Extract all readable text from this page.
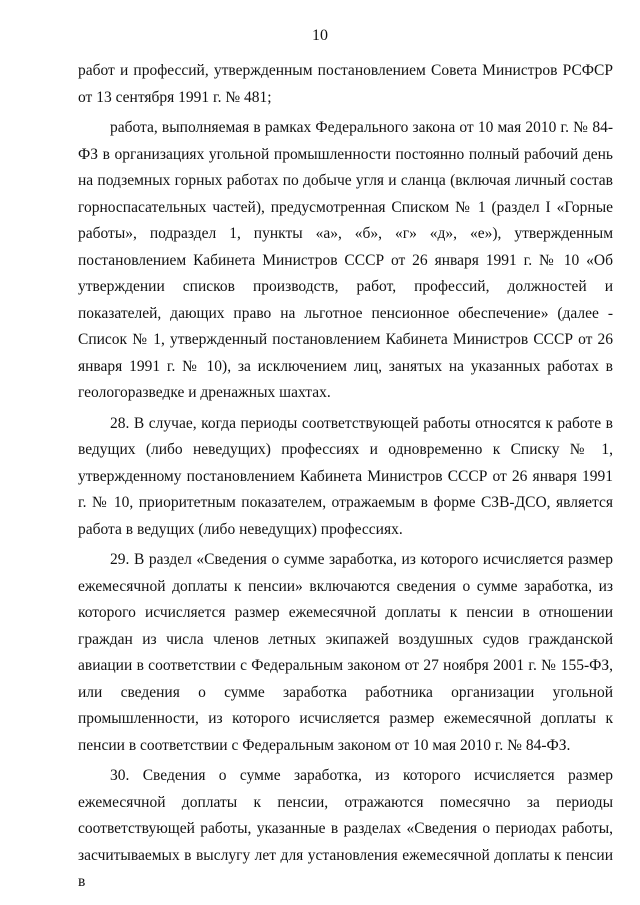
10

работ и профессий, утвержденным постановлением Совета Министров РСФСР от 13 сентября 1991 г. № 481;

работа, выполняемая в рамках Федерального закона от 10 мая 2010 г. № 84-ФЗ в организациях угольной промышленности постоянно полный рабочий день на подземных горных работах по добыче угля и сланца (включая личный состав горноспасательных частей), предусмотренная Списком № 1 (раздел I «Горные работы», подраздел 1, пункты «а», «б», «г» «д», «е»), утвержденным постановлением Кабинета Министров СССР от 26 января 1991 г. № 10 «Об утверждении списков производств, работ, профессий, должностей и показателей, дающих право на льготное пенсионное обеспечение» (далее - Список № 1, утвержденный постановлением Кабинета Министров СССР от 26 января 1991 г. № 10), за исключением лиц, занятых на указанных работах в геологоразведке и дренажных шахтах.

28. В случае, когда периоды соответствующей работы относятся к работе в ведущих (либо неведущих) профессиях и одновременно к Списку № 1, утвержденному постановлением Кабинета Министров СССР от 26 января 1991 г. № 10, приоритетным показателем, отражаемым в форме СЗВ-ДСО, является работа в ведущих (либо неведущих) профессиях.

29. В раздел «Сведения о сумме заработка, из которого исчисляется размер ежемесячной доплаты к пенсии» включаются сведения о сумме заработка, из которого исчисляется размер ежемесячной доплаты к пенсии в отношении граждан из числа членов летных экипажей воздушных судов гражданской авиации в соответствии с Федеральным законом от 27 ноября 2001 г. № 155-ФЗ, или сведения о сумме заработка работника организации угольной промышленности, из которого исчисляется размер ежемесячной доплаты к пенсии в соответствии с Федеральным законом от 10 мая 2010 г. № 84-ФЗ.

30. Сведения о сумме заработка, из которого исчисляется размер ежемесячной доплаты к пенсии, отражаются помесячно за периоды соответствующей работы, указанные в разделах «Сведения о периодах работы, засчитываемых в выслугу лет для установления ежемесячной доплаты к пенсии в
